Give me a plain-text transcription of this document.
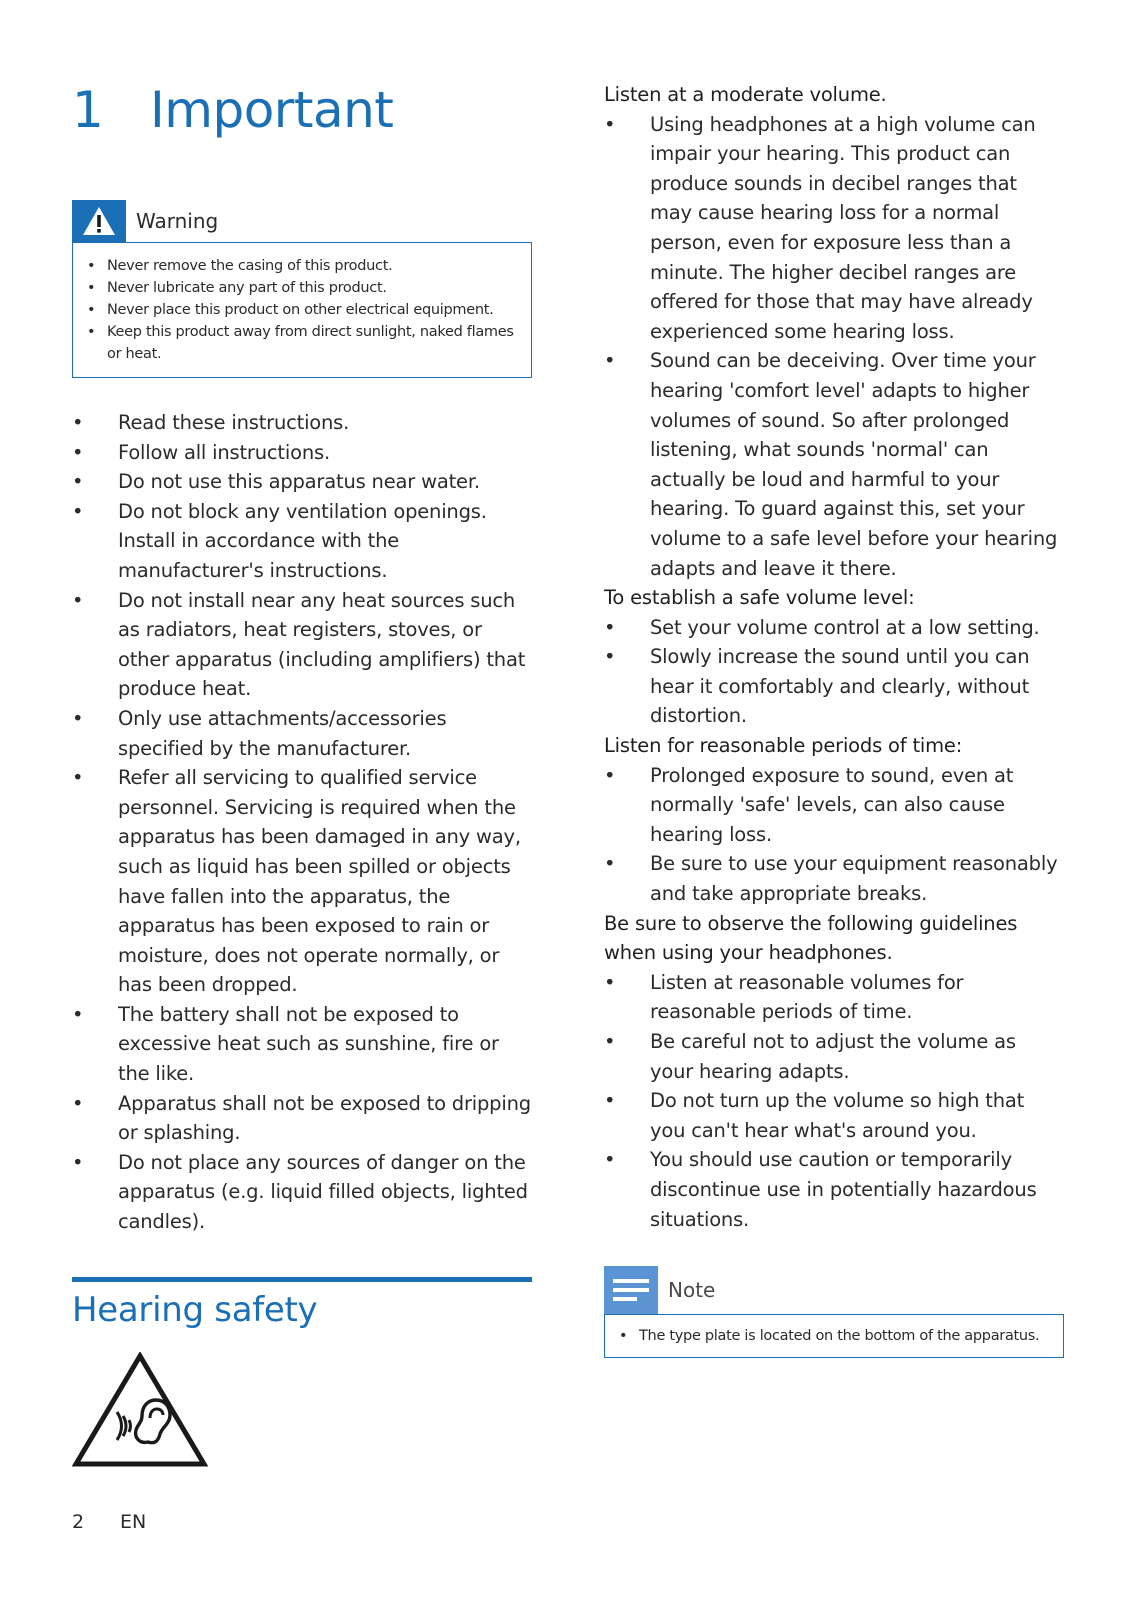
1 Important
Warning
• Never remove the casing of this product.
• Never lubricate any part of this product.
• Never place this product on other electrical equipment.
• Keep this product away from direct sunlight, naked flames or heat.
• Read these instructions.
• Follow all instructions.
• Do not use this apparatus near water.
• Do not block any ventilation openings. Install in accordance with the manufacturer's instructions.
• Do not install near any heat sources such as radiators, heat registers, stoves, or other apparatus (including amplifiers) that produce heat.
• Only use attachments/accessories specified by the manufacturer.
• Refer all servicing to qualified service personnel. Servicing is required when the apparatus has been damaged in any way, such as liquid has been spilled or objects have fallen into the apparatus, the apparatus has been exposed to rain or moisture, does not operate normally, or has been dropped.
• The battery shall not be exposed to excessive heat such as sunshine, fire or the like.
• Apparatus shall not be exposed to dripping or splashing.
• Do not place any sources of danger on the apparatus (e.g. liquid filled objects, lighted candles).
Hearing safety
2 EN

Listen at a moderate volume.

• Using headphones at a high volume can impair your hearing. This product can produce sounds in decibel ranges that may cause hearing loss for a normal person, even for exposure less than a minute. The higher decibel ranges are offered for those that may have already experienced some hearing loss.
• Sound can be deceiving. Over time your hearing 'comfort level' adapts to higher volumes of sound. So after prolonged listening, what sounds 'normal' can actually be loud and harmful to your hearing. To guard against this, set your volume to a safe level before your hearing adapts and leave it there.

To establish a safe volume level:

• Set your volume control at a low setting.
• Slowly increase the sound until you can hear it comfortably and clearly, without distortion.

Listen for reasonable periods of time:

• Prolonged exposure to sound, even at normally 'safe' levels, can also cause hearing loss.
• Be sure to use your equipment reasonably and take appropriate breaks.

Be sure to observe the following guidelines when using your headphones.

• Listen at reasonable volumes for reasonable periods of time.
• Be careful not to adjust the volume as your hearing adapts.
• Do not turn up the volume so high that you can't hear what's around you.
• You should use caution or temporarily discontinue use in potentially hazardous situations.
Note
• The type plate is located on the bottom of the apparatus.
